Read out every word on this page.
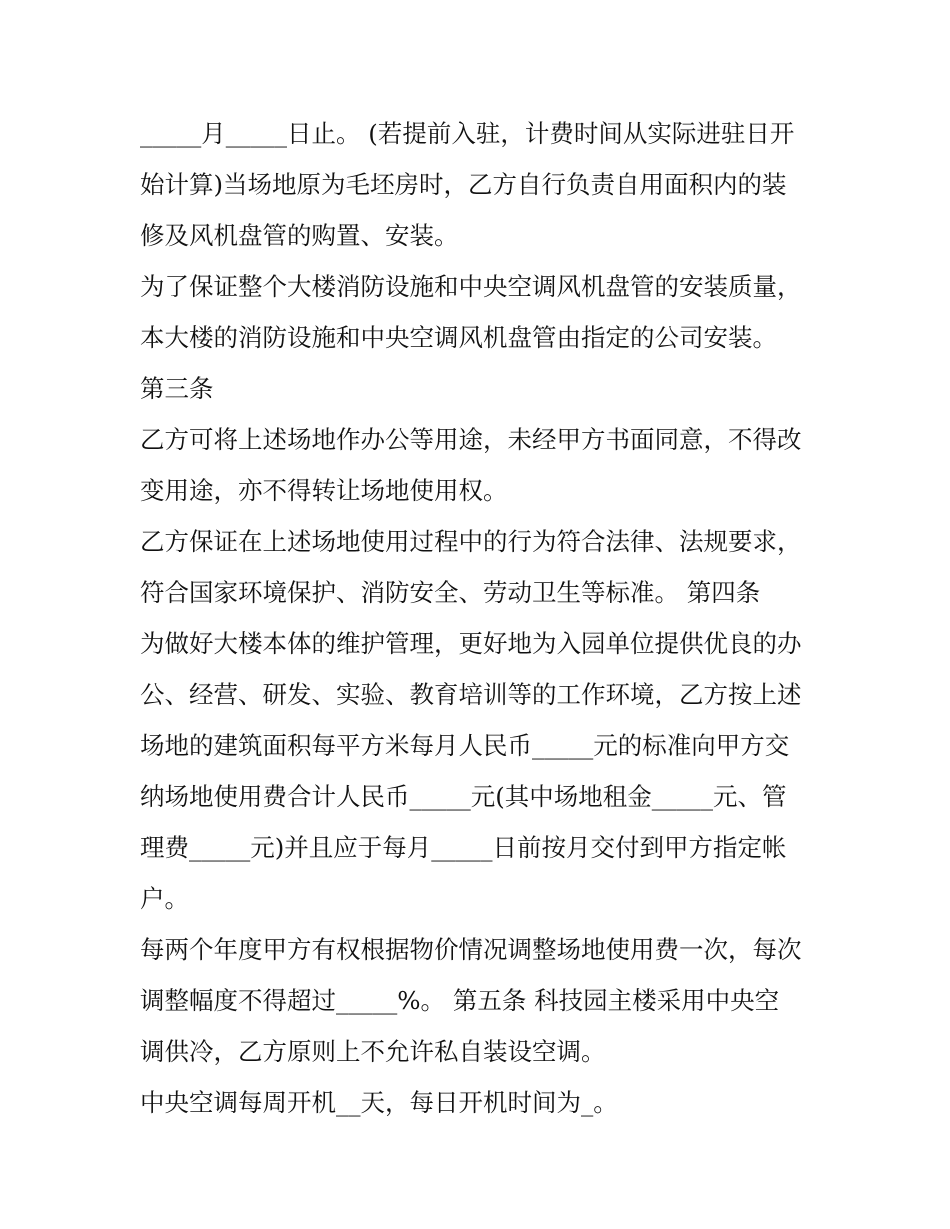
_____月_____日止。 (若提前入驻，计费时间从实际进驻日开
始计算)当场地原为毛坯房时，乙方自行负责自用面积内的装
修及风机盘管的购置、安装。
为了保证整个大楼消防设施和中央空调风机盘管的安装质量，
本大楼的消防设施和中央空调风机盘管由指定的公司安装。
第三条
乙方可将上述场地作办公等用途，未经甲方书面同意，不得改
变用途，亦不得转让场地使用权。
乙方保证在上述场地使用过程中的行为符合法律、法规要求，
符合国家环境保护、消防安全、劳动卫生等标准。 第四条
为做好大楼本体的维护管理，更好地为入园单位提供优良的办
公、经营、研发、实验、教育培训等的工作环境，乙方按上述
场地的建筑面积每平方米每月人民币_____元的标准向甲方交
纳场地使用费合计人民币_____元(其中场地租金_____元、管
理费_____元)并且应于每月_____日前按月交付到甲方指定帐
户。
每两个年度甲方有权根据物价情况调整场地使用费一次，每次
调整幅度不得超过_____%。 第五条 科技园主楼采用中央空
调供冷，乙方原则上不允许私自装设空调。
中央空调每周开机__天，每日开机时间为_。
